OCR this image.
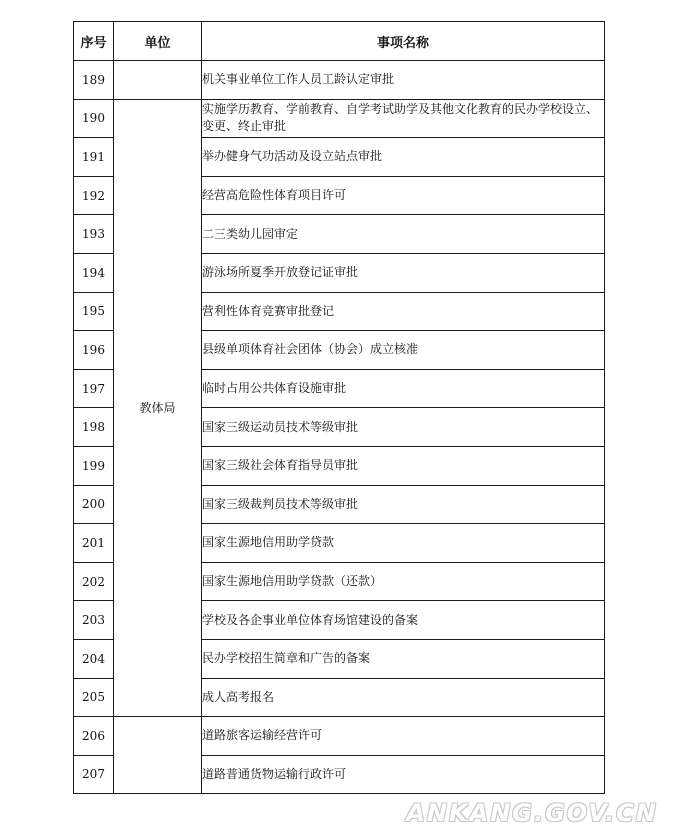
序号	单位	事项名称
189		机关事业单位工作人员工龄认定审批
190	教体局	实施学历教育、学前教育、自学考试助学及其他文化教育的民办学校设立、变更、终止审批
191		举办健身气功活动及设立站点审批
192		经营高危险性体育项目许可
193		二三类幼儿园审定
194		游泳场所夏季开放登记证审批
195		营利性体育竞赛审批登记
196		县级单项体育社会团体（协会）成立核准
197		临时占用公共体育设施审批
198		国家三级运动员技术等级审批
199		国家三级社会体育指导员审批
200		国家三级裁判员技术等级审批
201		国家生源地信用助学贷款
202		国家生源地信用助学贷款（还款）
203		学校及各企事业单位体育场馆建设的备案
204		民办学校招生简章和广告的备案
205		成人高考报名
206		道路旅客运输经营许可
207		道路普通货物运输行政许可
ANKANG.GOV.CN
